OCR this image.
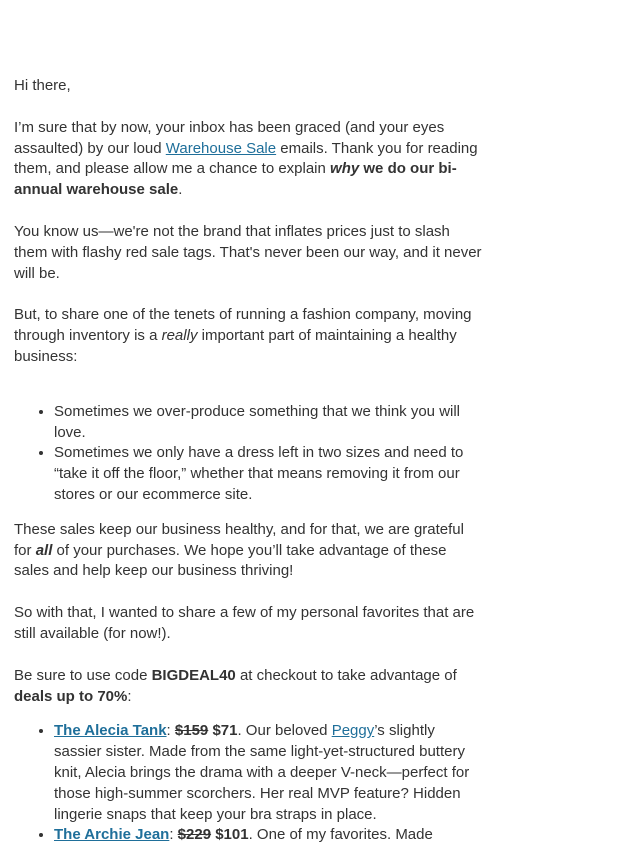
Hi there,

I’m sure that by now, your inbox has been graced (and your eyes assaulted) by our loud Warehouse Sale emails. Thank you for reading them, and please allow me a chance to explain why we do our bi-annual warehouse sale.

You know us—we're not the brand that inflates prices just to slash them with flashy red sale tags. That's never been our way, and it never will be.

But, to share one of the tenets of running a fashion company, moving through inventory is a really important part of maintaining a healthy business:

• Sometimes we over-produce something that we think you will love.
• Sometimes we only have a dress left in two sizes and need to “take it off the floor,” whether that means removing it from our stores or our ecommerce site.

These sales keep our business healthy, and for that, we are grateful for all of your purchases. We hope you’ll take advantage of these sales and help keep our business thriving!

So with that, I wanted to share a few of my personal favorites that are still available (for now!).

Be sure to use code BIGDEAL40 at checkout to take advantage of deals up to 70%:

• The Alecia Tank: $159 $71. Our beloved Peggy’s slightly sassier sister. Made from the same light-yet-structured buttery knit, Alecia brings the drama with a deeper V-neck—perfect for those high-summer scorchers. Her real MVP feature? Hidden lingerie snaps that keep your bra straps in place.
• The Archie Jean: $229 $101. One of my favorites. Made
